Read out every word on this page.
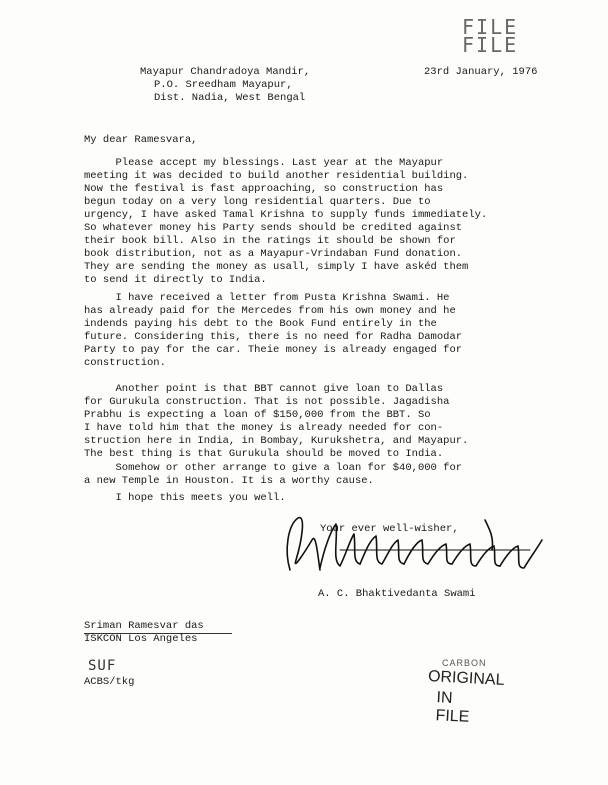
FILE
FILE
Mayapur Chandradoya Mandir,
P.O. Sreedham Mayapur,
Dist. Nadia, West Bengal
23rd January, 1976
My dear Ramesvara,
Please accept my blessings. Last year at the Mayapur
meeting it was decided to build another residential building.
Now the festival is fast approaching, so construction has
begun today on a very long residential quarters. Due to
urgency, I have asked Tamal Krishna to supply funds immediately.
So whatever money his Party sends should be credited against
their book bill. Also in the ratings it should be shown for
book distribution, not as a Mayapur-Vrindaban Fund donation.
They are sending the money as usall, simply I have askéd them
to send it directly to India.
I have received a letter from Pusta Krishna Swami. He
has already paid for the Mercedes from his own money and he
indends paying his debt to the Book Fund entirely in the
future. Considering this, there is no need for Radha Damodar
Party to pay for the car. Theie money is already engaged for
construction.
Another point is that BBT cannot give loan to Dallas
for Gurukula construction. That is not possible. Jagadisha
Prabhu is expecting a loan of $150,000 from the BBT. So
I have told him that the money is already needed for con-
struction here in India, in Bombay, Kurukshetra, and Mayapur.
The best thing is that Gurukula should be moved to India.
Somehow or other arrange to give a loan for $40,000 for
a new Temple in Houston. It is a worthy cause.
I hope this meets you well.
Your ever well-wisher,
A. C. Bhaktivedanta Swami
Sriman Ramesvar das
ISKCON Los Angeles
SUF
ACBS/tkg
CARBON
ORIGINAL
IN FILE
